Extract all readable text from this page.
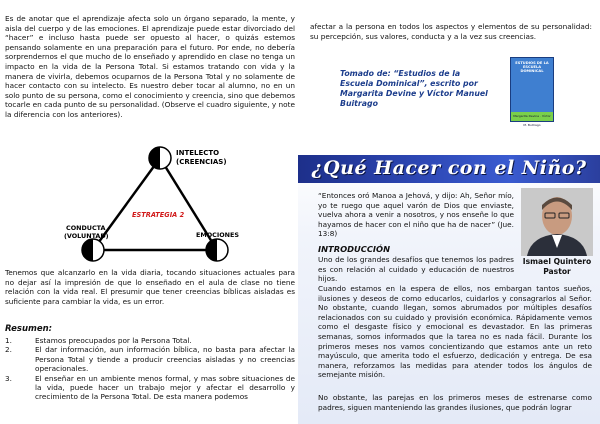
Es de anotar que el aprendizaje afecta solo un órgano separado, la mente, y aisla del cuerpo y de las emociones. El aprendizaje puede estar divorciado del “hacer” e incluso hasta puede ser opuesto al hacer, o quizás estemos pensando solamente en una preparación para el futuro. Por ende, no debería sorprendernos el que mucho de lo enseñado y aprendido en clase no tenga un impacto en la vida de la Persona Total. Si estamos tratando con vida y la manera de vivirla, debemos ocuparnos de la Persona Total y no solamente de hacer contacto con su intelecto. Es nuestro deber tocar al alumno, no en un solo punto de su persona, como el conocimiento y creencia, sino que debemos tocarle en cada punto de su personalidad. (Observe el cuadro siguiente, y note la diferencia con los anteriores).

INTELECTO
(CREENCIAS)
ESTRATEGIA 2
CONDUCTA
(VOLUNTAD)	EMOCIONES

Tenemos que alcanzarlo en la vida diaria, tocando situaciones actuales para no dejar así la impresión de que lo enseñado en el aula de clase no tiene relación con la vida real. El presumir que tener creencias bíblicas aisladas es suficiente para cambiar la vida, es un error.

Resumen:
1.	Estamos preocupados por la Persona Total.
2.	El dar información, aun información bíblica, no basta para afectar la Persona Total y tiende a producir creencias aisladas y no creencias operacionales.
3.	El enseñar en un ambiente menos formal, y mas sobre situaciones de la vida, puede hacer un trabajo mejor y afectar el desarrollo y crecimiento de la Persona Total. De esta manera podemos

afectar a la persona en todos los aspectos y elementos de su personalidad: su percepción, sus valores, conducta y a la vez sus creencias.

Tomado de: “Estudios de la Escuela Dominical”, escrito por Margarita Devine y Víctor Manuel Buitrago
ESTUDIOS DE LA ESCUELA DOMINICAL
Margarita Devine · Víctor M. Buitrago
¿Qué Hacer con el Niño?

“Entonces oró Manoa a Jehová, y dijo: Ah, Señor mío, yo te ruego que aquel varón de Dios que enviaste, vuelva ahora a venir a nosotros, y nos enseñe lo que hayamos de hacer con el niño que ha de nacer” (Jue. 13:8)

Ismael Quintero Pastor
INTRODUCCIÓN

Uno de los grandes desafíos que tenemos los padres es con relación al cuidado y educación de nuestros hijos.

Cuando estamos en la espera de ellos, nos embargan tantos sueños, ilusiones y deseos de como educarlos, cuidarlos y consagrarlos al Señor. No obstante, cuando llegan, somos abrumados por múltiples desafíos relacionados con su cuidado y provisión económica. Rápidamente vemos como el desgaste físico y emocional es devastador. En las primeras semanas, somos informados que la tarea no es nada fácil. Durante los primeros meses nos vamos concientizando que estamos ante un reto mayúsculo, que amerita todo el esfuerzo, dedicación y entrega. De esa manera, reforzamos las medidas para atender todos los ángulos de semejante misión.

No obstante, las parejas en los primeros meses de estrenarse como padres, siguen manteniendo las grandes ilusiones, que podrán lograr
